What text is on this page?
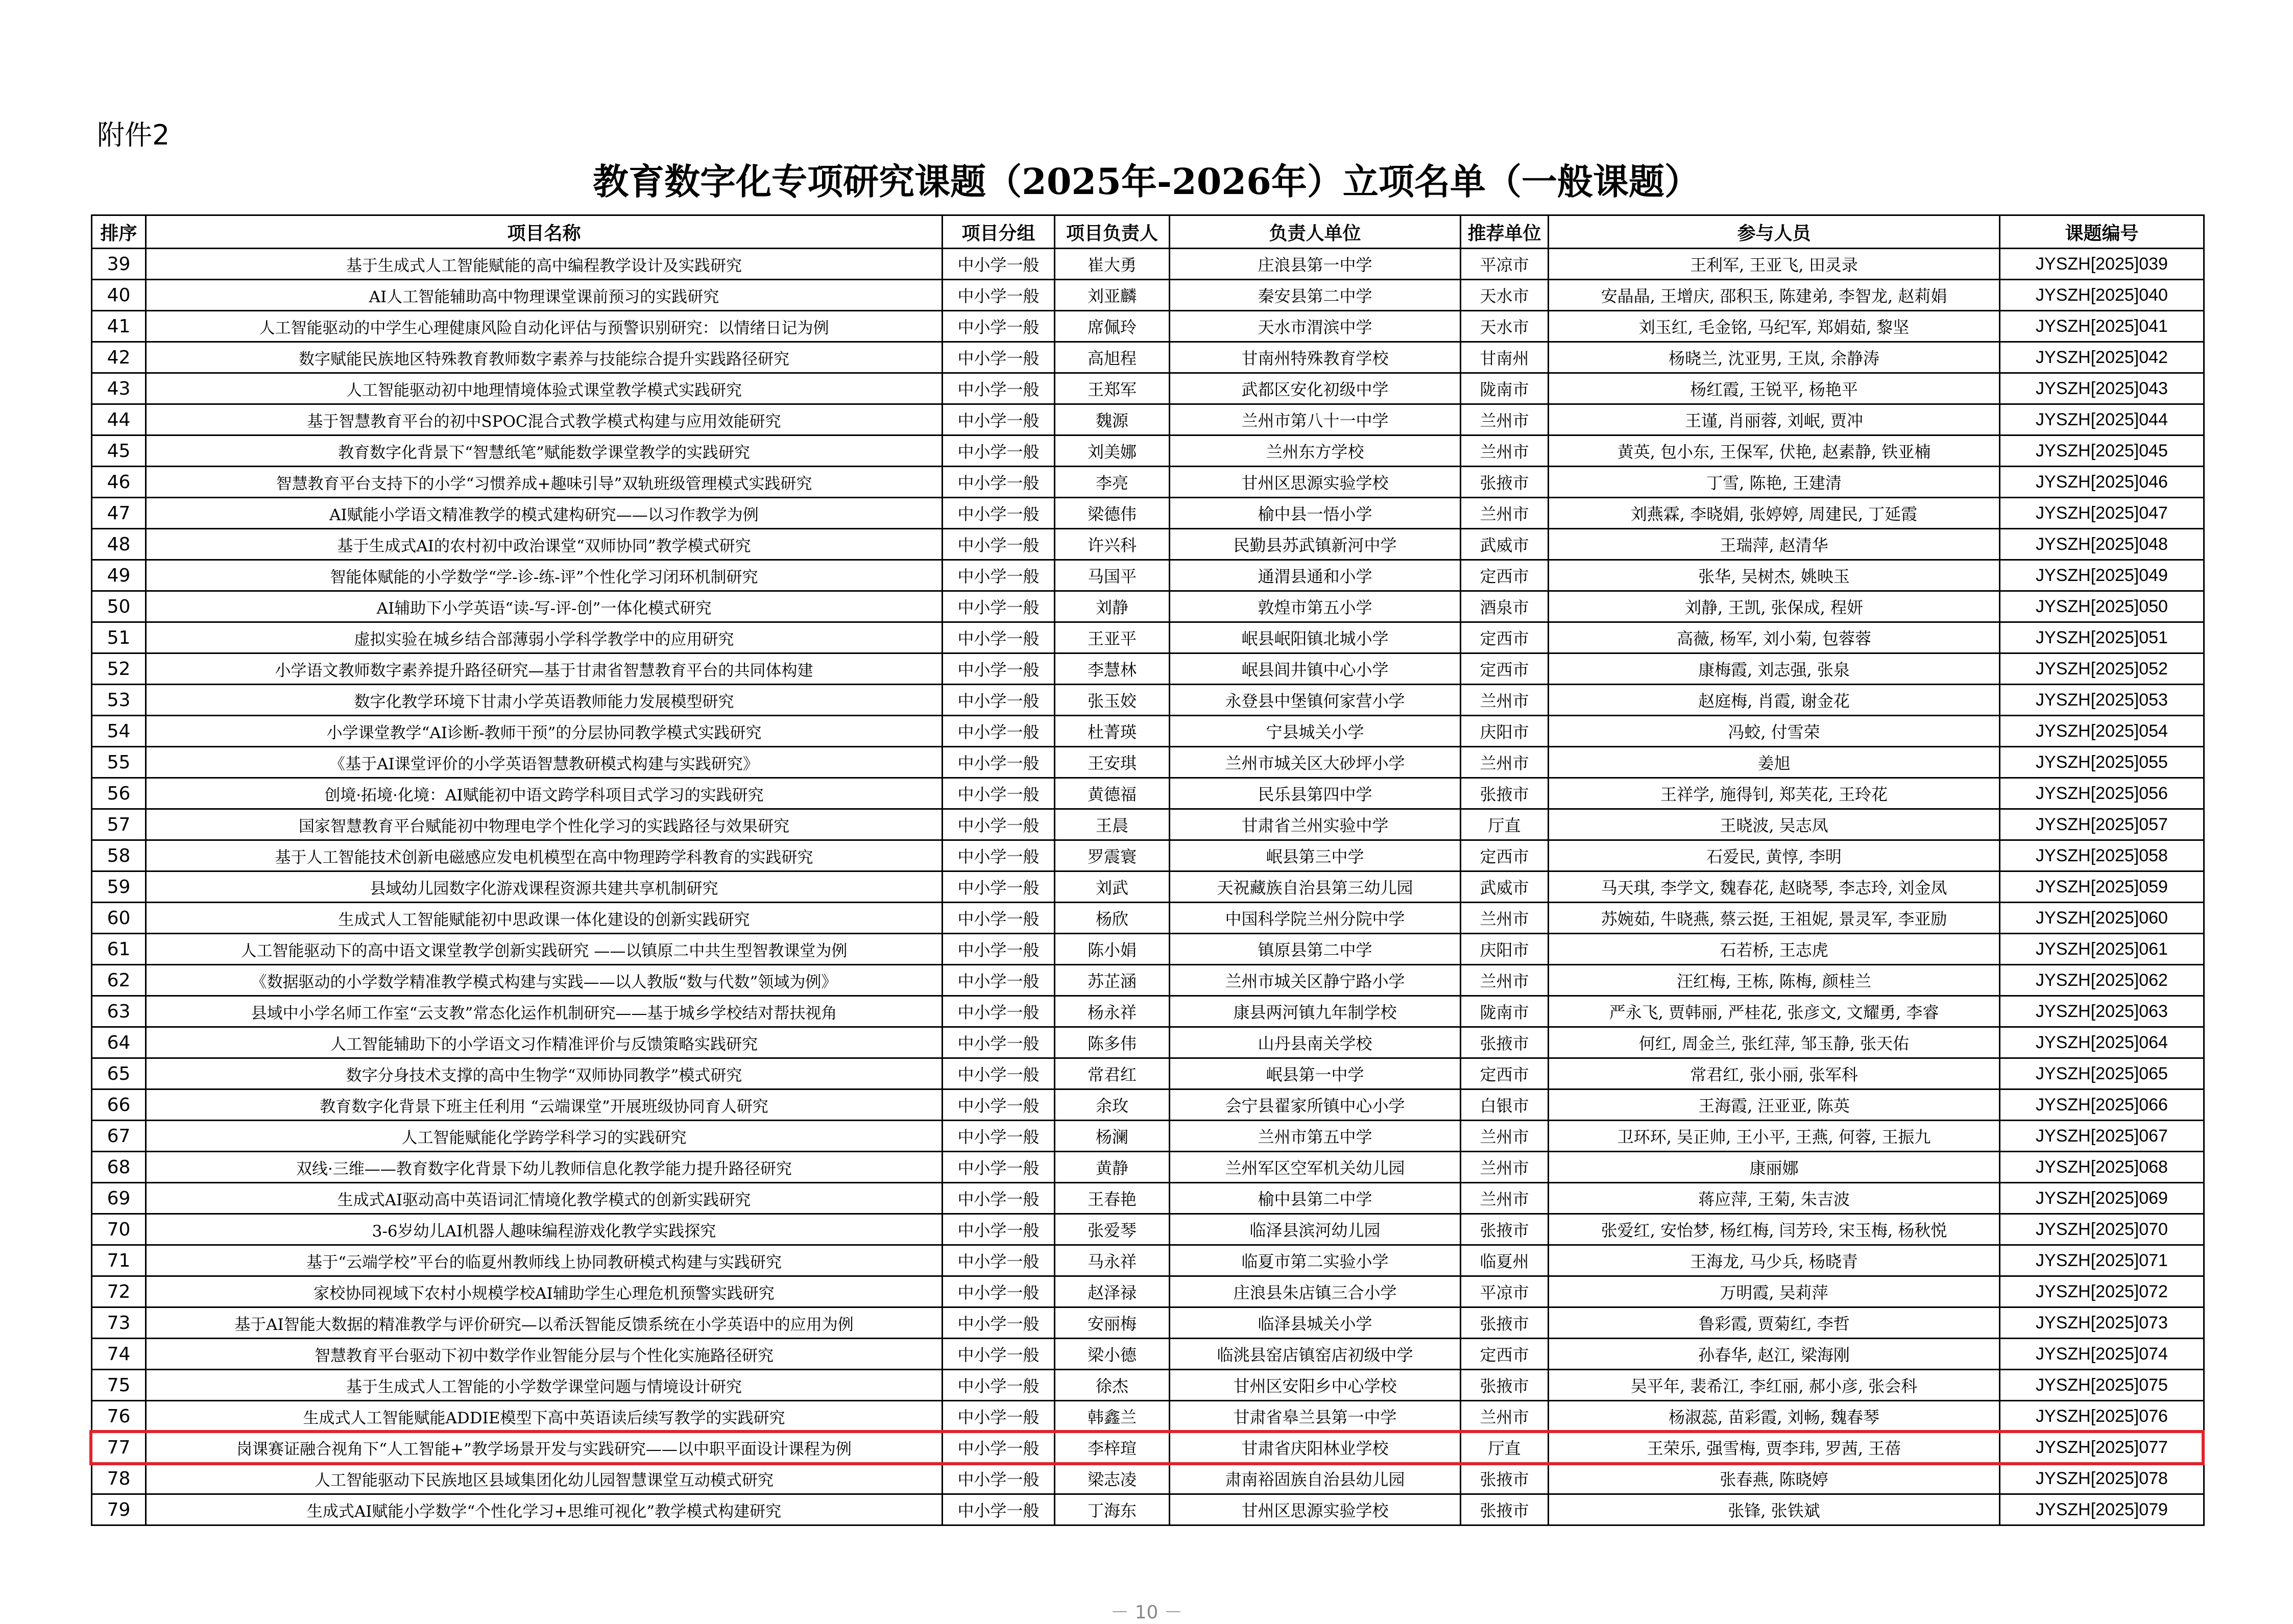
附件2
教育数字化专项研究课题（2025年-2026年）立项名单（一般课题）
排序	项目名称	项目分组	项目负责人	负责人单位	推荐单位	参与人员	课题编号
39	基于生成式人工智能赋能的高中编程教学设计及实践研究	中小学一般	崔大勇	庄浪县第一中学	平凉市	王利军, 王亚飞, 田灵录	JYSZH[2025]039
40	AI人工智能辅助高中物理课堂课前预习的实践研究	中小学一般	刘亚麟	秦安县第二中学	天水市	安晶晶, 王增庆, 邵积玉, 陈建弟, 李智龙, 赵莉娟	JYSZH[2025]040
41	人工智能驱动的中学生心理健康风险自动化评估与预警识别研究：以情绪日记为例	中小学一般	席佩玲	天水市渭滨中学	天水市	刘玉红, 毛金铭, 马纪军, 郑娟茹, 黎坚	JYSZH[2025]041
42	数字赋能民族地区特殊教育教师数字素养与技能综合提升实践路径研究	中小学一般	高旭程	甘南州特殊教育学校	甘南州	杨晓兰, 沈亚男, 王岚, 余静涛	JYSZH[2025]042
43	人工智能驱动初中地理情境体验式课堂教学模式实践研究	中小学一般	王郑军	武都区安化初级中学	陇南市	杨红霞, 王锐平, 杨艳平	JYSZH[2025]043
44	基于智慧教育平台的初中SPOC混合式教学模式构建与应用效能研究	中小学一般	魏源	兰州市第八十一中学	兰州市	王谨, 肖丽蓉, 刘岷, 贾冲	JYSZH[2025]044
45	教育数字化背景下“智慧纸笔”赋能数学课堂教学的实践研究	中小学一般	刘美娜	兰州东方学校	兰州市	黄英, 包小东, 王保军, 伏艳, 赵素静, 铁亚楠	JYSZH[2025]045
46	智慧教育平台支持下的小学“习惯养成+趣味引导”双轨班级管理模式实践研究	中小学一般	李亮	甘州区思源实验学校	张掖市	丁雪, 陈艳, 王建清	JYSZH[2025]046
47	AI赋能小学语文精准教学的模式建构研究——以习作教学为例	中小学一般	梁德伟	榆中县一悟小学	兰州市	刘燕霖, 李晓娟, 张婷婷, 周建民, 丁延霞	JYSZH[2025]047
48	基于生成式AI的农村初中政治课堂“双师协同”教学模式研究	中小学一般	许兴科	民勤县苏武镇新河中学	武威市	王瑞萍, 赵清华	JYSZH[2025]048
49	智能体赋能的小学数学“学-诊-练-评”个性化学习闭环机制研究	中小学一般	马国平	通渭县通和小学	定西市	张华, 吴树杰, 姚映玉	JYSZH[2025]049
50	AI辅助下小学英语“读-写-评-创”一体化模式研究	中小学一般	刘静	敦煌市第五小学	酒泉市	刘静, 王凯, 张保成, 程妍	JYSZH[2025]050
51	虚拟实验在城乡结合部薄弱小学科学教学中的应用研究	中小学一般	王亚平	岷县岷阳镇北城小学	定西市	高薇, 杨军, 刘小菊, 包蓉蓉	JYSZH[2025]051
52	小学语文教师数字素养提升路径研究—基于甘肃省智慧教育平台的共同体构建	中小学一般	李慧林	岷县闾井镇中心小学	定西市	康梅霞, 刘志强, 张泉	JYSZH[2025]052
53	数字化教学环境下甘肃小学英语教师能力发展模型研究	中小学一般	张玉姣	永登县中堡镇何家营小学	兰州市	赵庭梅, 肖霞, 谢金花	JYSZH[2025]053
54	小学课堂教学“AI诊断-教师干预”的分层协同教学模式实践研究	中小学一般	杜菁瑛	宁县城关小学	庆阳市	冯蛟, 付雪荣	JYSZH[2025]054
55	《基于AI课堂评价的小学英语智慧教研模式构建与实践研究》	中小学一般	王安琪	兰州市城关区大砂坪小学	兰州市	姜旭	JYSZH[2025]055
56	创境·拓境·化境：AI赋能初中语文跨学科项目式学习的实践研究	中小学一般	黄德福	民乐县第四中学	张掖市	王祥学, 施得钊, 郑芙花, 王玲花	JYSZH[2025]056
57	国家智慧教育平台赋能初中物理电学个性化学习的实践路径与效果研究	中小学一般	王晨	甘肃省兰州实验中学	厅直	王晓波, 吴志凤	JYSZH[2025]057
58	基于人工智能技术创新电磁感应发电机模型在高中物理跨学科教育的实践研究	中小学一般	罗震寰	岷县第三中学	定西市	石爱民, 黄惇, 李明	JYSZH[2025]058
59	县域幼儿园数字化游戏课程资源共建共享机制研究	中小学一般	刘武	天祝藏族自治县第三幼儿园	武威市	马天琪, 李学文, 魏春花, 赵晓琴, 李志玲, 刘金凤	JYSZH[2025]059
60	生成式人工智能赋能初中思政课一体化建设的创新实践研究	中小学一般	杨欣	中国科学院兰州分院中学	兰州市	苏婉茹, 牛晓燕, 蔡云挺, 王祖妮, 景灵军, 李亚励	JYSZH[2025]060
61	人工智能驱动下的高中语文课堂教学创新实践研究 ——以镇原二中共生型智教课堂为例	中小学一般	陈小娟	镇原县第二中学	庆阳市	石若桥, 王志虎	JYSZH[2025]061
62	《数据驱动的小学数学精准教学模式构建与实践——以人教版“数与代数”领域为例》	中小学一般	苏芷涵	兰州市城关区静宁路小学	兰州市	汪红梅, 王栋, 陈梅, 颜桂兰	JYSZH[2025]062
63	县域中小学名师工作室“云支教”常态化运作机制研究——基于城乡学校结对帮扶视角	中小学一般	杨永祥	康县两河镇九年制学校	陇南市	严永飞, 贾韩丽, 严桂花, 张彦文, 文耀勇, 李睿	JYSZH[2025]063
64	人工智能辅助下的小学语文习作精准评价与反馈策略实践研究	中小学一般	陈多伟	山丹县南关学校	张掖市	何红, 周金兰, 张红萍, 邹玉静, 张天佑	JYSZH[2025]064
65	数字分身技术支撑的高中生物学“双师协同教学”模式研究	中小学一般	常君红	岷县第一中学	定西市	常君红, 张小丽, 张军科	JYSZH[2025]065
66	教育数字化背景下班主任利用 “云端课堂”开展班级协同育人研究	中小学一般	余玫	会宁县翟家所镇中心小学	白银市	王海霞, 汪亚亚, 陈英	JYSZH[2025]066
67	人工智能赋能化学跨学科学习的实践研究	中小学一般	杨澜	兰州市第五中学	兰州市	卫环环, 吴正帅, 王小平, 王燕, 何蓉, 王振九	JYSZH[2025]067
68	双线·三维——教育数字化背景下幼儿教师信息化教学能力提升路径研究	中小学一般	黄静	兰州军区空军机关幼儿园	兰州市	康丽娜	JYSZH[2025]068
69	生成式AI驱动高中英语词汇情境化教学模式的创新实践研究	中小学一般	王春艳	榆中县第二中学	兰州市	蒋应萍, 王菊, 朱吉波	JYSZH[2025]069
70	3-6岁幼儿AI机器人趣味编程游戏化教学实践探究	中小学一般	张爱琴	临泽县滨河幼儿园	张掖市	张爱红, 安怡梦, 杨红梅, 闫芳玲, 宋玉梅, 杨秋悦	JYSZH[2025]070
71	基于“云端学校”平台的临夏州教师线上协同教研模式构建与实践研究	中小学一般	马永祥	临夏市第二实验小学	临夏州	王海龙, 马少兵, 杨晓青	JYSZH[2025]071
72	家校协同视域下农村小规模学校AI辅助学生心理危机预警实践研究	中小学一般	赵泽禄	庄浪县朱店镇三合小学	平凉市	万明霞, 吴莉萍	JYSZH[2025]072
73	基于AI智能大数据的精准教学与评价研究—以希沃智能反馈系统在小学英语中的应用为例	中小学一般	安丽梅	临泽县城关小学	张掖市	鲁彩霞, 贾菊红, 李哲	JYSZH[2025]073
74	智慧教育平台驱动下初中数学作业智能分层与个性化实施路径研究	中小学一般	梁小德	临洮县窑店镇窑店初级中学	定西市	孙春华, 赵江, 梁海刚	JYSZH[2025]074
75	基于生成式人工智能的小学数学课堂问题与情境设计研究	中小学一般	徐杰	甘州区安阳乡中心学校	张掖市	吴平年, 裴希江, 李红丽, 郝小彦, 张会科	JYSZH[2025]075
76	生成式人工智能赋能ADDIE模型下高中英语读后续写教学的实践研究	中小学一般	韩鑫兰	甘肃省皋兰县第一中学	兰州市	杨淑蕊, 苗彩霞, 刘畅, 魏春琴	JYSZH[2025]076
77	岗课赛证融合视角下“人工智能+”教学场景开发与实践研究——以中职平面设计课程为例	中小学一般	李梓瑄	甘肃省庆阳林业学校	厅直	王荣乐, 强雪梅, 贾李玮, 罗茜, 王蓓	JYSZH[2025]077
78	人工智能驱动下民族地区县域集团化幼儿园智慧课堂互动模式研究	中小学一般	梁志凌	肃南裕固族自治县幼儿园	张掖市	张春燕, 陈晓婷	JYSZH[2025]078
79	生成式AI赋能小学数学“个性化学习+思维可视化”教学模式构建研究	中小学一般	丁海东	甘州区思源实验学校	张掖市	张锋, 张铁斌	JYSZH[2025]079
－ 10 －
